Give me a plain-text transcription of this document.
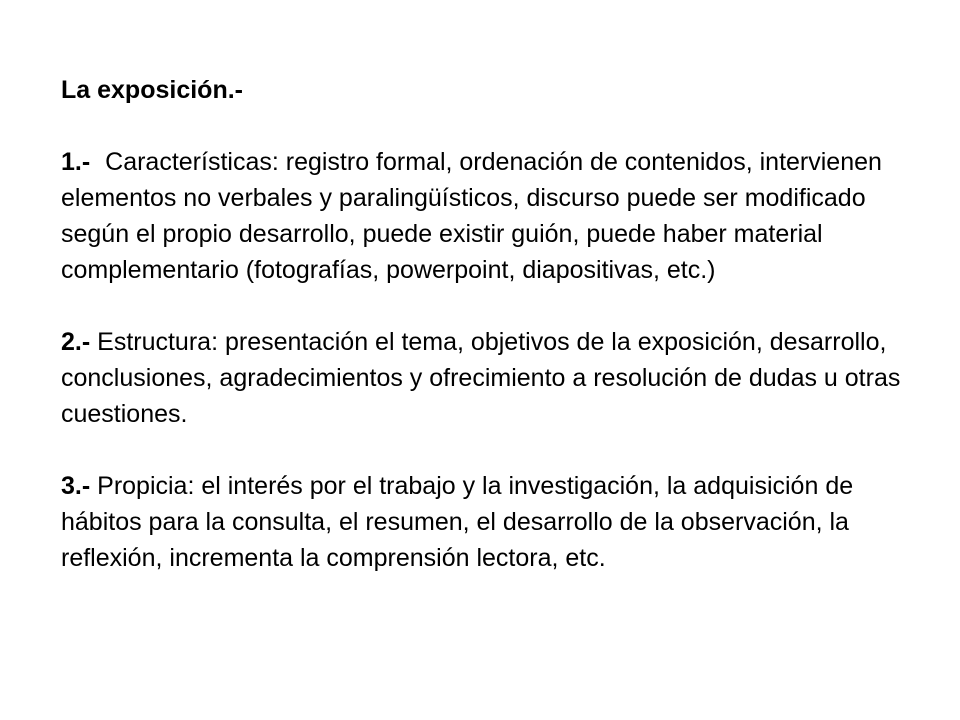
La exposición.-

1.- Características: registro formal, ordenación de contenidos, intervienen elementos no verbales y paralingüísticos, discurso puede ser modificado según el propio desarrollo, puede existir guión, puede haber material complementario (fotografías, powerpoint, diapositivas, etc.)

2.- Estructura: presentación el tema, objetivos de la exposición, desarrollo, conclusiones, agradecimientos y ofrecimiento a resolución de dudas u otras cuestiones.

3.- Propicia: el interés por el trabajo y la investigación, la adquisición de hábitos para la consulta, el resumen, el desarrollo de la observación, la reflexión, incrementa la comprensión lectora, etc.
